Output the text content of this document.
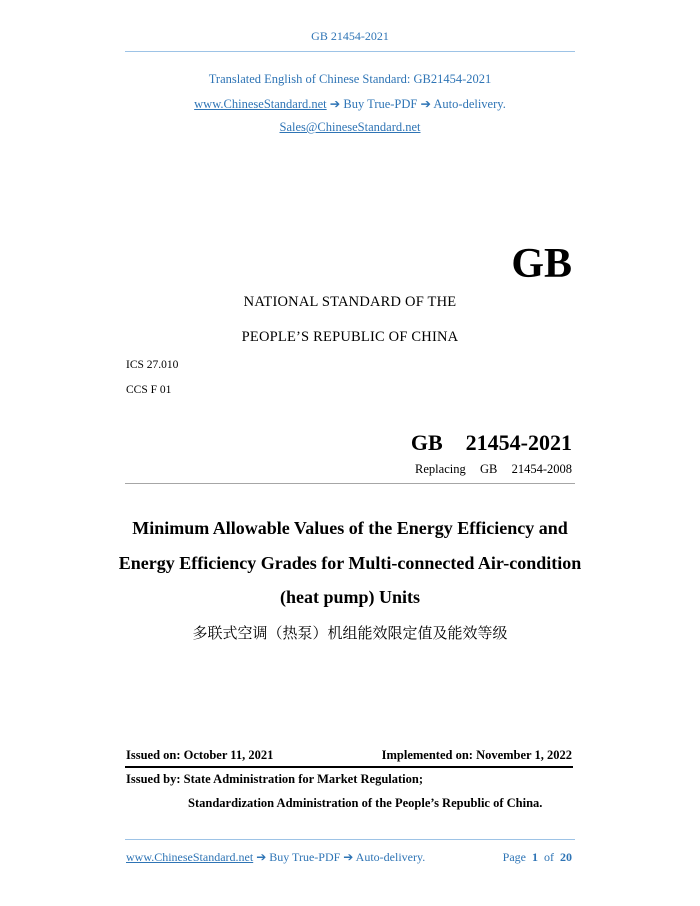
GB 21454-2021
Translated English of Chinese Standard: GB21454-2021
www.ChineseStandard.net ➔ Buy True-PDF ➔ Auto-delivery.
Sales@ChineseStandard.net
GB
NATIONAL STANDARD OF THE
PEOPLE’S REPUBLIC OF CHINA
ICS 27.010
CCS F 01
GB  21454-2021
Replacing  GB  21454-2008
Minimum Allowable Values of the Energy Efficiency and
Energy Efficiency Grades for Multi-connected Air-condition
(heat pump) Units
多联式空调（热泵）机组能效限定值及能效等级
Issued on: October 11, 2021	Implemented on: November 1, 2022
Issued by: State Administration for Market Regulation;
Standardization Administration of the People’s Republic of China.
www.ChineseStandard.net ➔ Buy True-PDF ➔ Auto-delivery.	Page 1 of 20
